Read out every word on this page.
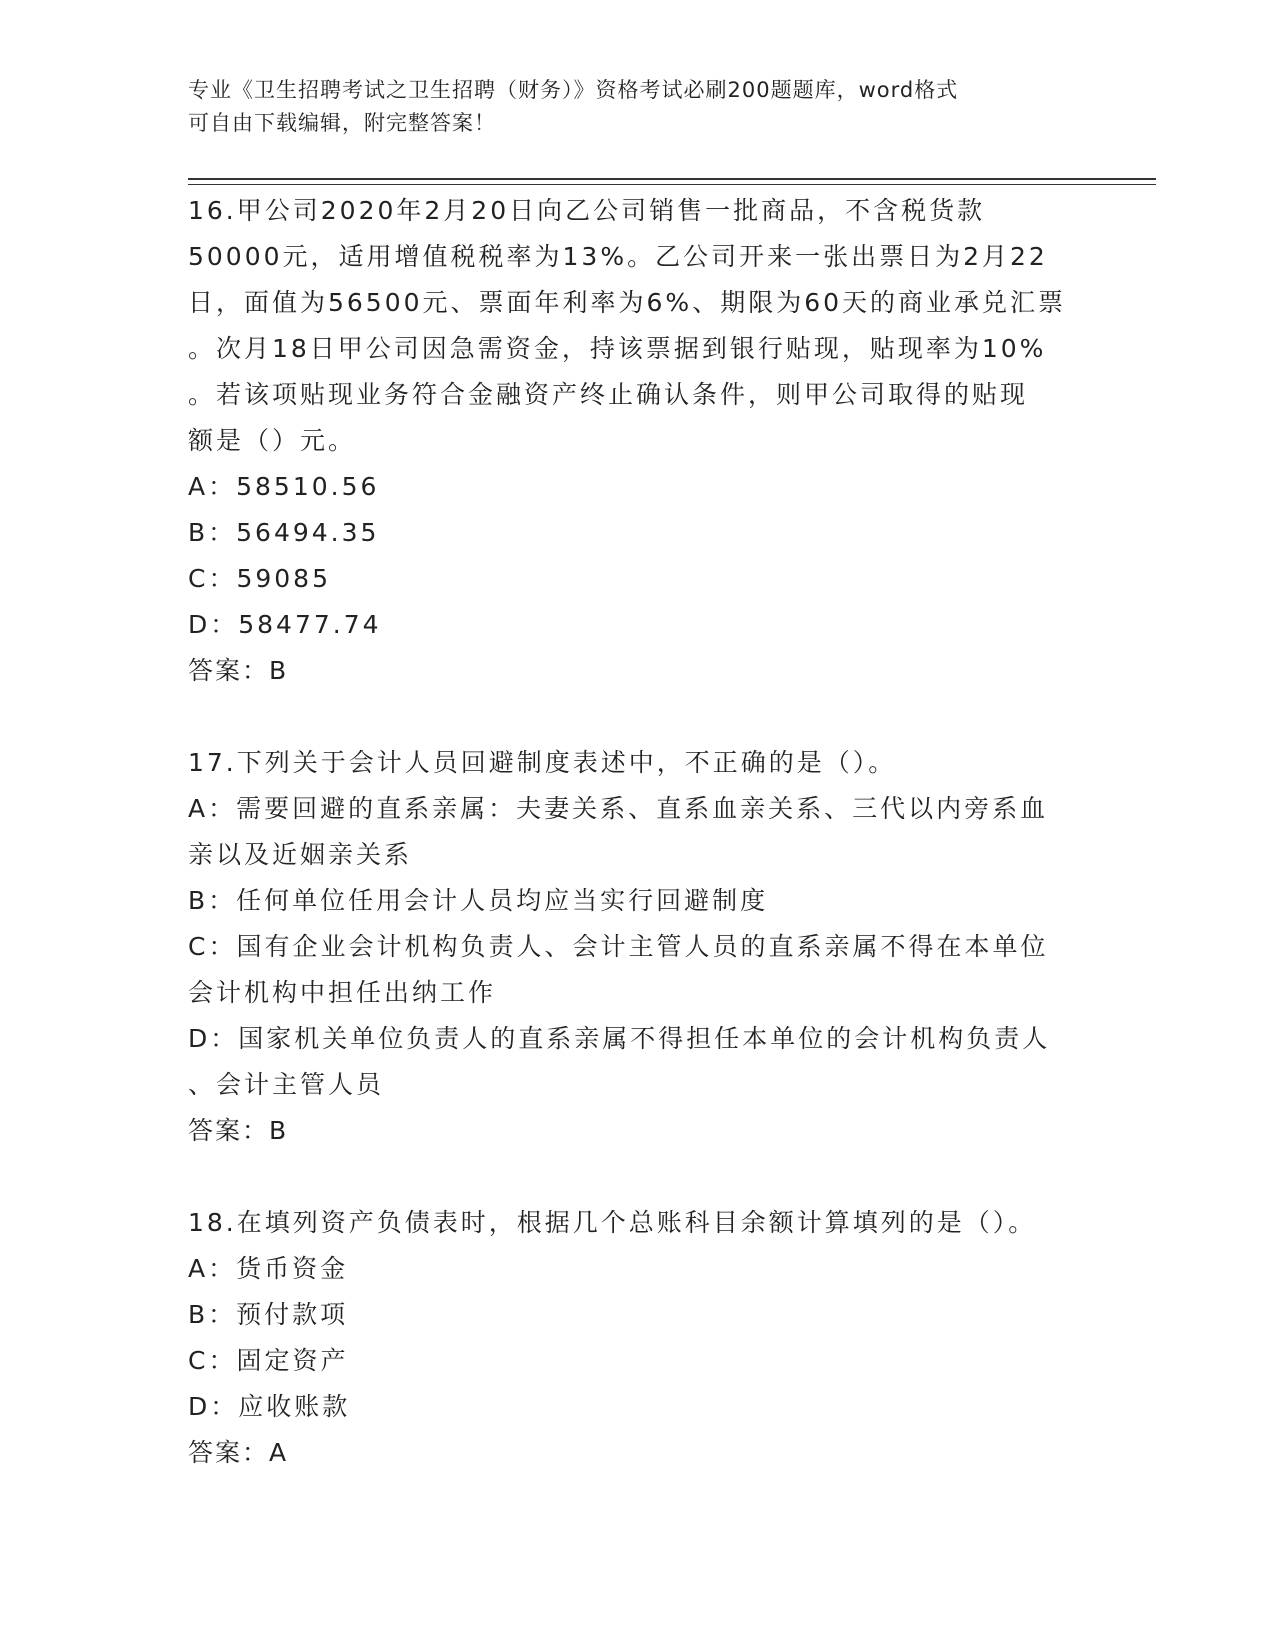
专业《卫生招聘考试之卫生招聘（财务）》资格考试必刷200题题库，word格式
可自由下载编辑，附完整答案！
16.甲公司2020年2月20日向乙公司销售一批商品，不含税货款
50000元，适用增值税税率为13%。乙公司开来一张出票日为2月22
日，面值为56500元、票面年利率为6%、期限为60天的商业承兑汇票
。次月18日甲公司因急需资金，持该票据到银行贴现，贴现率为10%
。若该项贴现业务符合金融资产终止确认条件，则甲公司取得的贴现
额是（）元。
A：58510.56
B：56494.35
C：59085
D：58477.74
答案：B
17.下列关于会计人员回避制度表述中，不正确的是（）。
A：需要回避的直系亲属：夫妻关系、直系血亲关系、三代以内旁系血
亲以及近姻亲关系
B：任何单位任用会计人员均应当实行回避制度
C：国有企业会计机构负责人、会计主管人员的直系亲属不得在本单位
会计机构中担任出纳工作
D：国家机关单位负责人的直系亲属不得担任本单位的会计机构负责人
、会计主管人员
答案：B
18.在填列资产负债表时，根据几个总账科目余额计算填列的是（）。
A：货币资金
B：预付款项
C：固定资产
D：应收账款
答案：A
